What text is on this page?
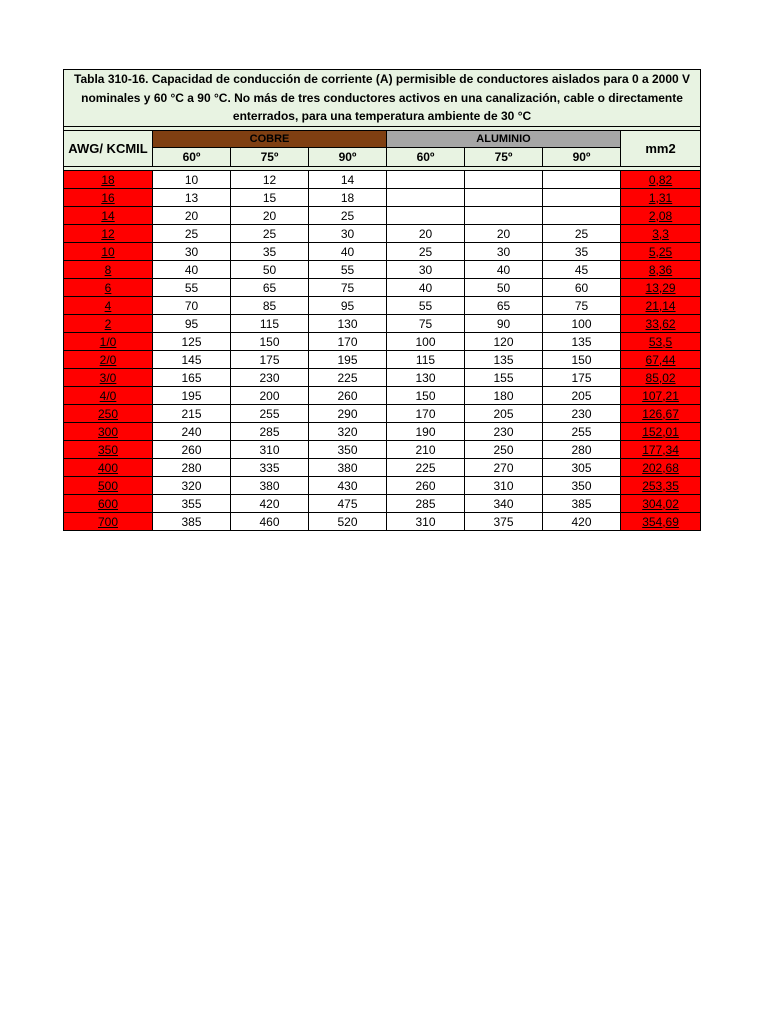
Tabla 310-16. Capacidad de conducción de corriente (A) permisible de conductores aislados para 0 a 2000 V nominales y 60 °C a 90 °C. No más de tres conductores activos en una canalización, cable o directamente enterrados, para una temperatura ambiente de 30 °C							

AWG/ KCMIL	COBRE			ALUMINIO			mm2
	60º	75º	90º	60º	75º	90º	

18	10	12	14				0,82
16	13	15	18				1,31
14	20	20	25				2,08
12	25	25	30	20	20	25	3,3
10	30	35	40	25	30	35	5,25
8	40	50	55	30	40	45	8,36
6	55	65	75	40	50	60	13,29
4	70	85	95	55	65	75	21,14
2	95	115	130	75	90	100	33,62
1/0	125	150	170	100	120	135	53,5
2/0	145	175	195	115	135	150	67,44
3/0	165	230	225	130	155	175	85,02
4/0	195	200	260	150	180	205	107,21
250	215	255	290	170	205	230	126,67
300	240	285	320	190	230	255	152,01
350	260	310	350	210	250	280	177,34
400	280	335	380	225	270	305	202,68
500	320	380	430	260	310	350	253,35
600	355	420	475	285	340	385	304,02
700	385	460	520	310	375	420	354,69
